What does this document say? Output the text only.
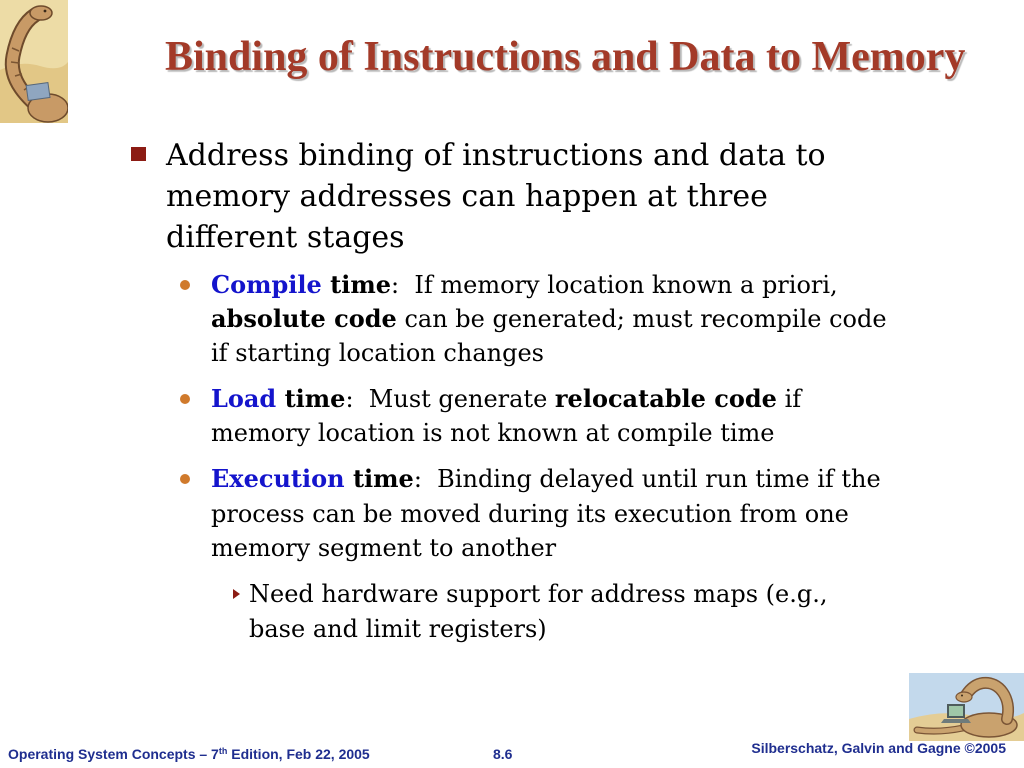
Binding of Instructions and Data to Memory
Address binding of instructions and data to
memory addresses can happen at three
different stages
Compile time:  If memory location known a priori,
absolute code can be generated; must recompile code
if starting location changes
Load time:  Must generate relocatable code if
memory location is not known at compile time
Execution time:  Binding delayed until run time if the
process can be moved during its execution from one
memory segment to another
Need hardware support for address maps (e.g.,
base and limit registers)
Operating System Concepts – 7th Edition, Feb 22, 2005	8.6	Silberschatz, Galvin and Gagne ©2005
